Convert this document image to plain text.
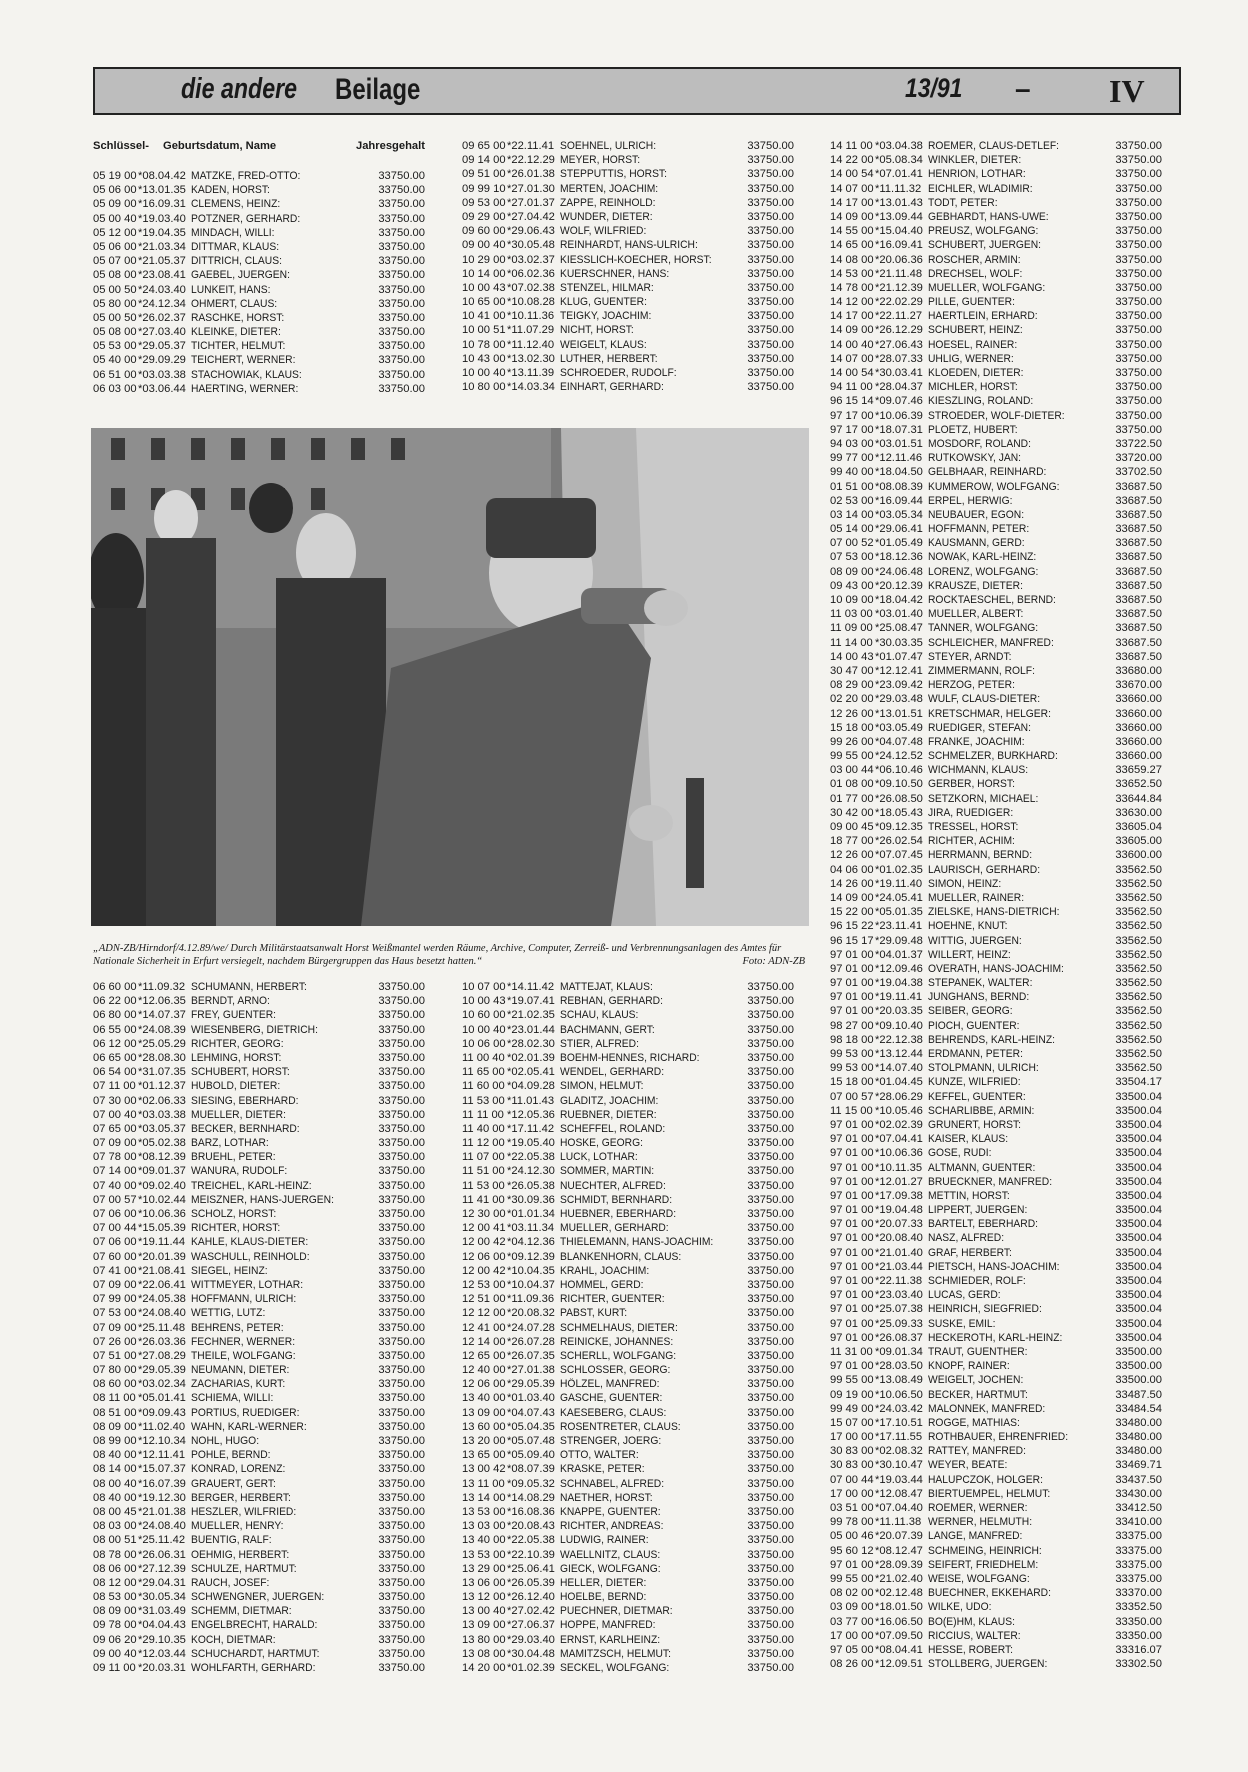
die andere Beilage	13/91 – IV
Schlüssel- Geburtsdatum, Name	Jahresgehalt
05 19 00 *08.04.42 MATZKE, FRED-OTTO:	33750.00
05 06 00 *13.01.35 KADEN, HORST:	33750.00
05 09 00 *16.09.31 CLEMENS, HEINZ:	33750.00
05 00 40 *19.03.40 POTZNER, GERHARD:	33750.00
05 12 00 *19.04.35 MINDACH, WILLI:	33750.00
05 06 00 *21.03.34 DITTMAR, KLAUS:	33750.00
05 07 00 *21.05.37 DITTRICH, CLAUS:	33750.00
05 08 00 *23.08.41 GAEBEL, JUERGEN:	33750.00
05 00 50 *24.03.40 LUNKEIT, HANS:	33750.00
05 80 00 *24.12.34 OHMERT, CLAUS:	33750.00
05 00 50 *26.02.37 RASCHKE, HORST:	33750.00
05 08 00 *27.03.40 KLEINKE, DIETER:	33750.00
05 53 00 *29.05.37 TICHTER, HELMUT:	33750.00
05 40 00 *29.09.29 TEICHERT, WERNER:	33750.00
06 51 00 *03.03.38 STACHOWIAK, KLAUS:	33750.00
06 03 00 *03.06.44 HAERTING, WERNER:	33750.00
09 65 00 *22.11.41 SOEHNEL, ULRICH:	33750.00
09 14 00 *22.12.29 MEYER, HORST:	33750.00
09 51 00 *26.01.38 STEPPUTTIS, HORST:	33750.00
09 99 10 *27.01.30 MERTEN, JOACHIM:	33750.00
09 53 00 *27.01.37 ZAPPE, REINHOLD:	33750.00
09 29 00 *27.04.42 WUNDER, DIETER:	33750.00
09 60 00 *29.06.43 WOLF, WILFRIED:	33750.00
09 00 40 *30.05.48 REINHARDT, HANS-ULRICH:	33750.00
10 29 00 *03.02.37 KIESSLICH-KOECHER, HORST:	33750.00
10 14 00 *06.02.36 KUERSCHNER, HANS:	33750.00
10 00 43 *07.02.38 STENZEL, HILMAR:	33750.00
10 65 00 *10.08.28 KLUG, GUENTER:	33750.00
10 41 00 *10.11.36 TEIGKY, JOACHIM:	33750.00
10 00 51 *11.07.29 NICHT, HORST:	33750.00
10 78 00 *11.12.40 WEIGELT, KLAUS:	33750.00
10 43 00 *13.02.30 LUTHER, HERBERT:	33750.00
10 00 40 *13.11.39 SCHROEDER, RUDOLF:	33750.00
10 80 00 *14.03.34 EINHART, GERHARD:	33750.00
14 11 00 *03.04.38 ROEMER, CLAUS-DETLEF:	33750.00
14 22 00 *05.08.34 WINKLER, DIETER:	33750.00
14 00 54 *07.01.41 HENRION, LOTHAR:	33750.00
14 07 00 *11.11.32 EICHLER, WLADIMIR:	33750.00
14 17 00 *13.01.43 TODT, PETER:	33750.00
14 09 00 *13.09.44 GEBHARDT, HANS-UWE:	33750.00
14 55 00 *15.04.40 PREUSZ, WOLFGANG:	33750.00
14 65 00 *16.09.41 SCHUBERT, JUERGEN:	33750.00
14 08 00 *20.06.36 ROSCHER, ARMIN:	33750.00
14 53 00 *21.11.48 DRECHSEL, WOLF:	33750.00
14 78 00 *21.12.39 MUELLER, WOLFGANG:	33750.00
14 12 00 *22.02.29 PILLE, GUENTER:	33750.00
14 17 00 *22.11.27 HAERTLEIN, ERHARD:	33750.00
14 09 00 *26.12.29 SCHUBERT, HEINZ:	33750.00
14 00 40 *27.06.43 HOESEL, RAINER:	33750.00
14 07 00 *28.07.33 UHLIG, WERNER:	33750.00
14 00 54 *30.03.41 KLOEDEN, DIETER:	33750.00
94 11 00 *28.04.37 MICHLER, HORST:	33750.00
96 15 14 *09.07.46 KIESZLING, ROLAND:	33750.00
97 17 00 *10.06.39 STROEDER, WOLF-DIETER:	33750.00
97 17 00 *18.07.31 PLOETZ, HUBERT:	33750.00
94 03 00 *03.01.51 MOSDORF, ROLAND:	33722.50
99 77 00 *12.11.46 RUTKOWSKY, JAN:	33720.00
99 40 00 *18.04.50 GELBHAAR, REINHARD:	33702.50
01 51 00 *08.08.39 KUMMEROW, WOLFGANG:	33687.50
02 53 00 *16.09.44 ERPEL, HERWIG:	33687.50
03 14 00 *03.05.34 NEUBAUER, EGON:	33687.50
05 14 00 *29.06.41 HOFFMANN, PETER:	33687.50
07 00 52 *01.05.49 KAUSMANN, GERD:	33687.50
07 53 00 *18.12.36 NOWAK, KARL-HEINZ:	33687.50
08 09 00 *24.06.48 LORENZ, WOLFGANG:	33687.50
09 43 00 *20.12.39 KRAUSZE, DIETER:	33687.50
10 09 00 *18.04.42 ROCKTAESCHEL, BERND:	33687.50
11 03 00 *03.01.40 MUELLER, ALBERT:	33687.50
11 09 00 *25.08.47 TANNER, WOLFGANG:	33687.50
11 14 00 *30.03.35 SCHLEICHER, MANFRED:	33687.50
14 00 43 *01.07.47 STEYER, ARNDT:	33687.50
30 47 00 *12.12.41 ZIMMERMANN, ROLF:	33680.00
08 29 00 *23.09.42 HERZOG, PETER:	33670.00
02 20 00 *29.03.48 WULF, CLAUS-DIETER:	33660.00
12 26 00 *13.01.51 KRETSCHMAR, HELGER:	33660.00
15 18 00 *03.05.49 RUEDIGER, STEFAN:	33660.00
99 26 00 *04.07.48 FRANKE, JOACHIM:	33660.00
99 55 00 *24.12.52 SCHMELZER, BURKHARD:	33660.00
03 00 44 *06.10.46 WICHMANN, KLAUS:	33659.27
01 08 00 *09.10.50 GERBER, HORST:	33652.50
01 77 00 *26.08.50 SETZKORN, MICHAEL:	33644.84
30 42 00 *18.05.43 JIRA, RUEDIGER:	33630.00
09 00 45 *09.12.35 TRESSEL, HORST:	33605.04
18 77 00 *26.02.54 RICHTER, ACHIM:	33605.00
12 26 00 *07.07.45 HERRMANN, BERND:	33600.00
04 06 00 *01.02.35 LAURISCH, GERHARD:	33562.50
14 26 00 *19.11.40 SIMON, HEINZ:	33562.50
14 09 00 *24.05.41 MUELLER, RAINER:	33562.50
15 22 00 *05.01.35 ZIELSKE, HANS-DIETRICH:	33562.50
96 15 22 *23.11.41 HOEHNE, KNUT:	33562.50
96 15 17 *29.09.48 WITTIG, JUERGEN:	33562.50
97 01 00 *04.01.37 WILLERT, HEINZ:	33562.50
97 01 00 *12.09.46 OVERATH, HANS-JOACHIM:	33562.50
97 01 00 *19.04.38 STEPANEK, WALTER:	33562.50
97 01 00 *19.11.41 JUNGHANS, BERND:	33562.50
97 01 00 *20.03.35 SEIBER, GEORG:	33562.50
98 27 00 *09.10.40 PIOCH, GUENTER:	33562.50
98 18 00 *22.12.38 BEHRENDS, KARL-HEINZ:	33562.50
99 53 00 *13.12.44 ERDMANN, PETER:	33562.50
99 53 00 *14.07.40 STOLPMANN, ULRICH:	33562.50
15 18 00 *01.04.45 KUNZE, WILFRIED:	33504.17
07 00 57 *28.06.29 KEFFEL, GUENTER:	33500.04
11 15 00 *10.05.46 SCHARLIBBE, ARMIN:	33500.04
97 01 00 *02.02.39 GRUNERT, HORST:	33500.04
97 01 00 *07.04.41 KAISER, KLAUS:	33500.04
97 01 00 *10.06.36 GOSE, RUDI:	33500.04
97 01 00 *10.11.35 ALTMANN, GUENTER:	33500.04
97 01 00 *12.01.27 BRUECKNER, MANFRED:	33500.04
97 01 00 *17.09.38 METTIN, HORST:	33500.04
97 01 00 *19.04.48 LIPPERT, JUERGEN:	33500.04
97 01 00 *20.07.33 BARTELT, EBERHARD:	33500.04
97 01 00 *20.08.40 NASZ, ALFRED:	33500.04
97 01 00 *21.01.40 GRAF, HERBERT:	33500.04
97 01 00 *21.03.44 PIETSCH, HANS-JOACHIM:	33500.04
97 01 00 *22.11.38 SCHMIEDER, ROLF:	33500.04
97 01 00 *23.03.40 LUCAS, GERD:	33500.04
97 01 00 *25.07.38 HEINRICH, SIEGFRIED:	33500.04
97 01 00 *25.09.33 SUSKE, EMIL:	33500.04
97 01 00 *26.08.37 HECKEROTH, KARL-HEINZ:	33500.04
11 31 00 *09.01.34 TRAUT, GUENTHER:	33500.00
97 01 00 *28.03.50 KNOPF, RAINER:	33500.00
99 55 00 *13.08.49 WEIGELT, JOCHEN:	33500.00
09 19 00 *10.06.50 BECKER, HARTMUT:	33487.50
99 49 00 *24.03.42 MALONNEK, MANFRED:	33484.54
15 07 00 *17.10.51 ROGGE, MATHIAS:	33480.00
17 00 00 *17.11.55 ROTHBAUER, EHRENFRIED:	33480.00
30 83 00 *02.08.32 RATTEY, MANFRED:	33480.00
30 83 00 *30.10.47 WEYER, BEATE:	33469.71
07 00 44 *19.03.44 HALUPCZOK, HOLGER:	33437.50
17 00 00 *12.08.47 BIERTUEMPEL, HELMUT:	33430.00
03 51 00 *07.04.40 ROEMER, WERNER:	33412.50
99 78 00 *11.11.38 WERNER, HELMUTH:	33410.00
05 00 46 *20.07.39 LANGE, MANFRED:	33375.00
95 60 12 *08.12.47 SCHMEING, HEINRICH:	33375.00
97 01 00 *28.09.39 SEIFERT, FRIEDHELM:	33375.00
99 55 00 *21.02.40 WEISE, WOLFGANG:	33375.00
08 02 00 *02.12.48 BUECHNER, EKKEHARD:	33370.00
03 09 00 *18.01.50 WILKE, UDO:	33352.50
03 77 00 *16.06.50 BO(E)HM, KLAUS:	33350.00
17 00 00 *07.09.50 RICCIUS, WALTER:	33350.00
97 05 00 *08.04.41 HESSE, ROBERT:	33316.07
08 26 00 *12.09.51 STOLLBERG, JUERGEN:	33302.50
„ADN-ZB/Hirndorf/4.12.89/we/ Durch Militärstaatsanwalt Horst Weißmantel werden Räume, Archive, Computer, Zerreiß- und Verbrennungsanlagen des Amtes für Nationale Sicherheit in Erfurt versiegelt, nachdem Bürgergruppen das Haus besetzt hatten.“	Foto: ADN-ZB
06 60 00 *11.09.32 SCHUMANN, HERBERT:	33750.00
06 22 00 *12.06.35 BERNDT, ARNO:	33750.00
06 80 00 *14.07.37 FREY, GUENTER:	33750.00
06 55 00 *24.08.39 WIESENBERG, DIETRICH:	33750.00
06 12 00 *25.05.29 RICHTER, GEORG:	33750.00
06 65 00 *28.08.30 LEHMING, HORST:	33750.00
06 54 00 *31.07.35 SCHUBERT, HORST:	33750.00
07 11 00 *01.12.37 HUBOLD, DIETER:	33750.00
07 30 00 *02.06.33 SIESING, EBERHARD:	33750.00
07 00 40 *03.03.38 MUELLER, DIETER:	33750.00
07 65 00 *03.05.37 BECKER, BERNHARD:	33750.00
07 09 00 *05.02.38 BARZ, LOTHAR:	33750.00
07 78 00 *08.12.39 BRUEHL, PETER:	33750.00
07 14 00 *09.01.37 WANURA, RUDOLF:	33750.00
07 40 00 *09.02.40 TREICHEL, KARL-HEINZ:	33750.00
07 00 57 *10.02.44 MEISZNER, HANS-JUERGEN:	33750.00
07 06 00 *10.06.36 SCHOLZ, HORST:	33750.00
07 00 44 *15.05.39 RICHTER, HORST:	33750.00
07 06 00 *19.11.44 KAHLE, KLAUS-DIETER:	33750.00
07 60 00 *20.01.39 WASCHULL, REINHOLD:	33750.00
07 41 00 *21.08.41 SIEGEL, HEINZ:	33750.00
07 09 00 *22.06.41 WITTMEYER, LOTHAR:	33750.00
07 99 00 *24.05.38 HOFFMANN, ULRICH:	33750.00
07 53 00 *24.08.40 WETTIG, LUTZ:	33750.00
07 09 00 *25.11.48 BEHRENS, PETER:	33750.00
07 26 00 *26.03.36 FECHNER, WERNER:	33750.00
07 51 00 *27.08.29 THEILE, WOLFGANG:	33750.00
07 80 00 *29.05.39 NEUMANN, DIETER:	33750.00
08 60 00 *03.02.34 ZACHARIAS, KURT:	33750.00
08 11 00 *05.01.41 SCHIEMA, WILLI:	33750.00
08 51 00 *09.09.43 PORTIUS, RUEDIGER:	33750.00
08 09 00 *11.02.40 WAHN, KARL-WERNER:	33750.00
08 99 00 *12.10.34 NOHL, HUGO:	33750.00
08 40 00 *12.11.41 POHLE, BERND:	33750.00
08 14 00 *15.07.37 KONRAD, LORENZ:	33750.00
08 00 40 *16.07.39 GRAUERT, GERT:	33750.00
08 40 00 *19.12.30 BERGER, HERBERT:	33750.00
08 00 45 *21.01.38 HESZLER, WILFRIED:	33750.00
08 03 00 *24.08.40 MUELLER, HENRY:	33750.00
08 00 51 *25.11.42 BUENTIG, RALF:	33750.00
08 78 00 *26.06.31 OEHMIG, HERBERT:	33750.00
08 06 00 *27.12.39 SCHULZE, HARTMUT:	33750.00
08 12 00 *29.04.31 RAUCH, JOSEF:	33750.00
08 53 00 *30.05.34 SCHWENGNER, JUERGEN:	33750.00
08 09 00 *31.03.49 SCHEMM, DIETMAR:	33750.00
09 78 00 *04.04.43 ENGELBRECHT, HARALD:	33750.00
09 06 20 *29.10.35 KOCH, DIETMAR:	33750.00
09 00 40 *12.03.44 SCHUCHARDT, HARTMUT:	33750.00
09 11 00 *20.03.31 WOHLFARTH, GERHARD:	33750.00
10 07 00 *14.11.42 MATTEJAT, KLAUS:	33750.00
10 00 43 *19.07.41 REBHAN, GERHARD:	33750.00
10 60 00 *21.02.35 SCHAU, KLAUS:	33750.00
10 00 40 *23.01.44 BACHMANN, GERT:	33750.00
10 06 00 *28.02.30 STIER, ALFRED:	33750.00
11 00 40 *02.01.39 BOEHM-HENNES, RICHARD:	33750.00
11 65 00 *02.05.41 WENDEL, GERHARD:	33750.00
11 60 00 *04.09.28 SIMON, HELMUT:	33750.00
11 53 00 *11.01.43 GLADITZ, JOACHIM:	33750.00
11 11 00 *12.05.36 RUEBNER, DIETER:	33750.00
11 40 00 *17.11.42 SCHEFFEL, ROLAND:	33750.00
11 12 00 *19.05.40 HOSKE, GEORG:	33750.00
11 07 00 *22.05.38 LUCK, LOTHAR:	33750.00
11 51 00 *24.12.30 SOMMER, MARTIN:	33750.00
11 53 00 *26.05.38 NUECHTER, ALFRED:	33750.00
11 41 00 *30.09.36 SCHMIDT, BERNHARD:	33750.00
12 30 00 *01.01.34 HUEBNER, EBERHARD:	33750.00
12 00 41 *03.11.34 MUELLER, GERHARD:	33750.00
12 00 42 *04.12.36 THIELEMANN, HANS-JOACHIM:	33750.00
12 06 00 *09.12.39 BLANKENHORN, CLAUS:	33750.00
12 00 42 *10.04.35 KRAHL, JOACHIM:	33750.00
12 53 00 *10.04.37 HOMMEL, GERD:	33750.00
12 51 00 *11.09.36 RICHTER, GUENTER:	33750.00
12 12 00 *20.08.32 PABST, KURT:	33750.00
12 41 00 *24.07.28 SCHMELHAUS, DIETER:	33750.00
12 14 00 *26.07.28 REINICKE, JOHANNES:	33750.00
12 65 00 *26.07.35 SCHERLL, WOLFGANG:	33750.00
12 40 00 *27.01.38 SCHLOSSER, GEORG:	33750.00
12 06 00 *29.05.39 HÖLZEL, MANFRED:	33750.00
13 40 00 *01.03.40 GASCHE, GUENTER:	33750.00
13 09 00 *04.07.43 KAESEBERG, CLAUS:	33750.00
13 60 00 *05.04.35 ROSENTRETER, CLAUS:	33750.00
13 20 00 *05.07.48 STRENGER, JOERG:	33750.00
13 65 00 *05.09.40 OTTO, WALTER:	33750.00
13 00 42 *08.07.39 KRASKE, PETER:	33750.00
13 11 00 *09.05.32 SCHNABEL, ALFRED:	33750.00
13 14 00 *14.08.29 NAETHER, HORST:	33750.00
13 53 00 *16.08.36 KNAPPE, GUENTER:	33750.00
13 03 00 *20.08.43 RICHTER, ANDREAS:	33750.00
13 40 00 *22.05.38 LUDWIG, RAINER:	33750.00
13 53 00 *22.10.39 WAELLNITZ, CLAUS:	33750.00
13 29 00 *25.06.41 GIECK, WOLFGANG:	33750.00
13 06 00 *26.05.39 HELLER, DIETER:	33750.00
13 12 00 *26.12.40 HOELBE, BERND:	33750.00
13 00 40 *27.02.42 PUECHNER, DIETMAR:	33750.00
13 09 00 *27.06.37 HOPPE, MANFRED:	33750.00
13 80 00 *29.03.40 ERNST, KARLHEINZ:	33750.00
13 08 00 *30.04.48 MAMITZSCH, HELMUT:	33750.00
14 20 00 *01.02.39 SECKEL, WOLFGANG:	33750.00
